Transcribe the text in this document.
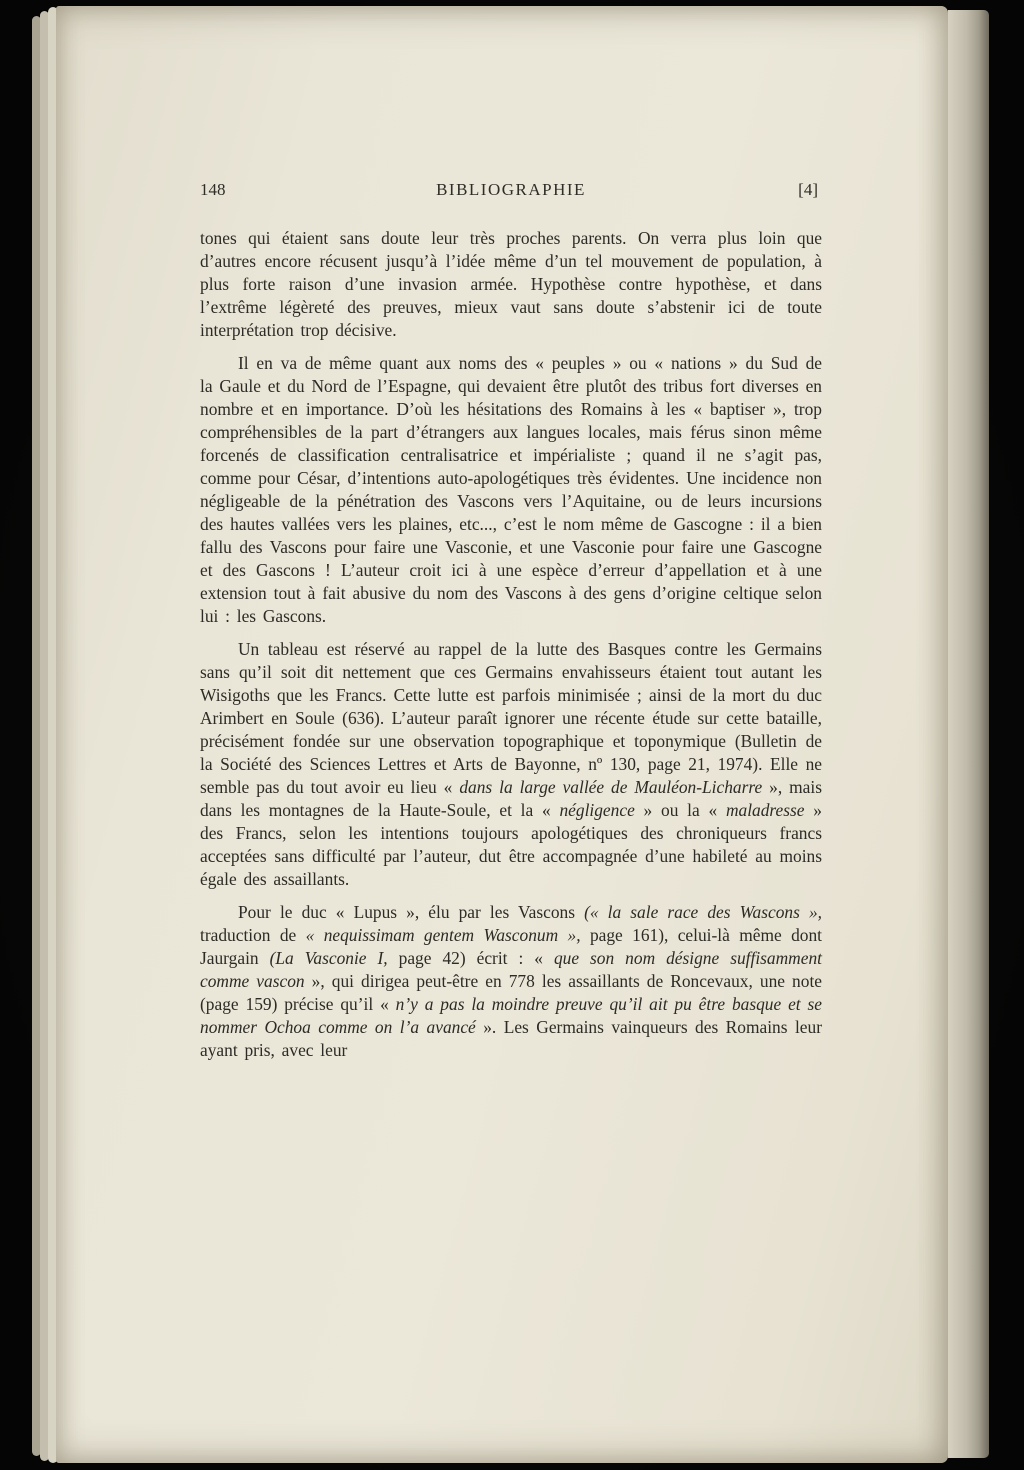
148	BIBLIOGRAPHIE	[4]

tones qui étaient sans doute leur très proches parents. On verra plus loin que d’autres encore récusent jusqu’à l’idée même d’un tel mouvement de population, à plus forte raison d’une invasion armée. Hypothèse contre hypothèse, et dans l’extrême légèreté des preuves, mieux vaut sans doute s’abstenir ici de toute interprétation trop décisive.

Il en va de même quant aux noms des « peuples » ou « nations » du Sud de la Gaule et du Nord de l’Espagne, qui devaient être plutôt des tribus fort diverses en nombre et en importance. D’où les hésitations des Romains à les « baptiser », trop compréhensibles de la part d’étrangers aux langues locales, mais férus sinon même forcenés de classification centralisatrice et impérialiste ; quand il ne s’agit pas, comme pour César, d’intentions auto-apologétiques très évidentes. Une incidence non négligeable de la pénétration des Vascons vers l’Aquitaine, ou de leurs incursions des hautes vallées vers les plaines, etc..., c’est le nom même de Gascogne : il a bien fallu des Vascons pour faire une Vasconie, et une Vasconie pour faire une Gascogne et des Gascons ! L’auteur croit ici à une espèce d’erreur d’appellation et à une extension tout à fait abusive du nom des Vascons à des gens d’origine celtique selon lui : les Gascons.

Un tableau est réservé au rappel de la lutte des Basques contre les Germains sans qu’il soit dit nettement que ces Germains envahisseurs étaient tout autant les Wisigoths que les Francs. Cette lutte est parfois minimisée ; ainsi de la mort du duc Arimbert en Soule (636). L’auteur paraît ignorer une récente étude sur cette bataille, précisément fondée sur une observation topographique et toponymique (Bulletin de la Société des Sciences Lettres et Arts de Bayonne, nº 130, page 21, 1974). Elle ne semble pas du tout avoir eu lieu « dans la large vallée de Mauléon-Licharre », mais dans les montagnes de la Haute-Soule, et la « négligence » ou la « maladresse » des Francs, selon les intentions toujours apologétiques des chroniqueurs francs acceptées sans difficulté par l’auteur, dut être accompagnée d’une habileté au moins égale des assaillants.

Pour le duc « Lupus », élu par les Vascons (« la sale race des Wascons », traduction de « nequissimam gentem Wasconum », page 161), celui-là même dont Jaurgain (La Vasconie I, page 42) écrit : « que son nom désigne suffisamment comme vascon », qui dirigea peut-être en 778 les assaillants de Roncevaux, une note (page 159) précise qu’il « n’y a pas la moindre preuve qu’il ait pu être basque et se nommer Ochoa comme on l’a avancé ». Les Germains vainqueurs des Romains leur ayant pris, avec leur
